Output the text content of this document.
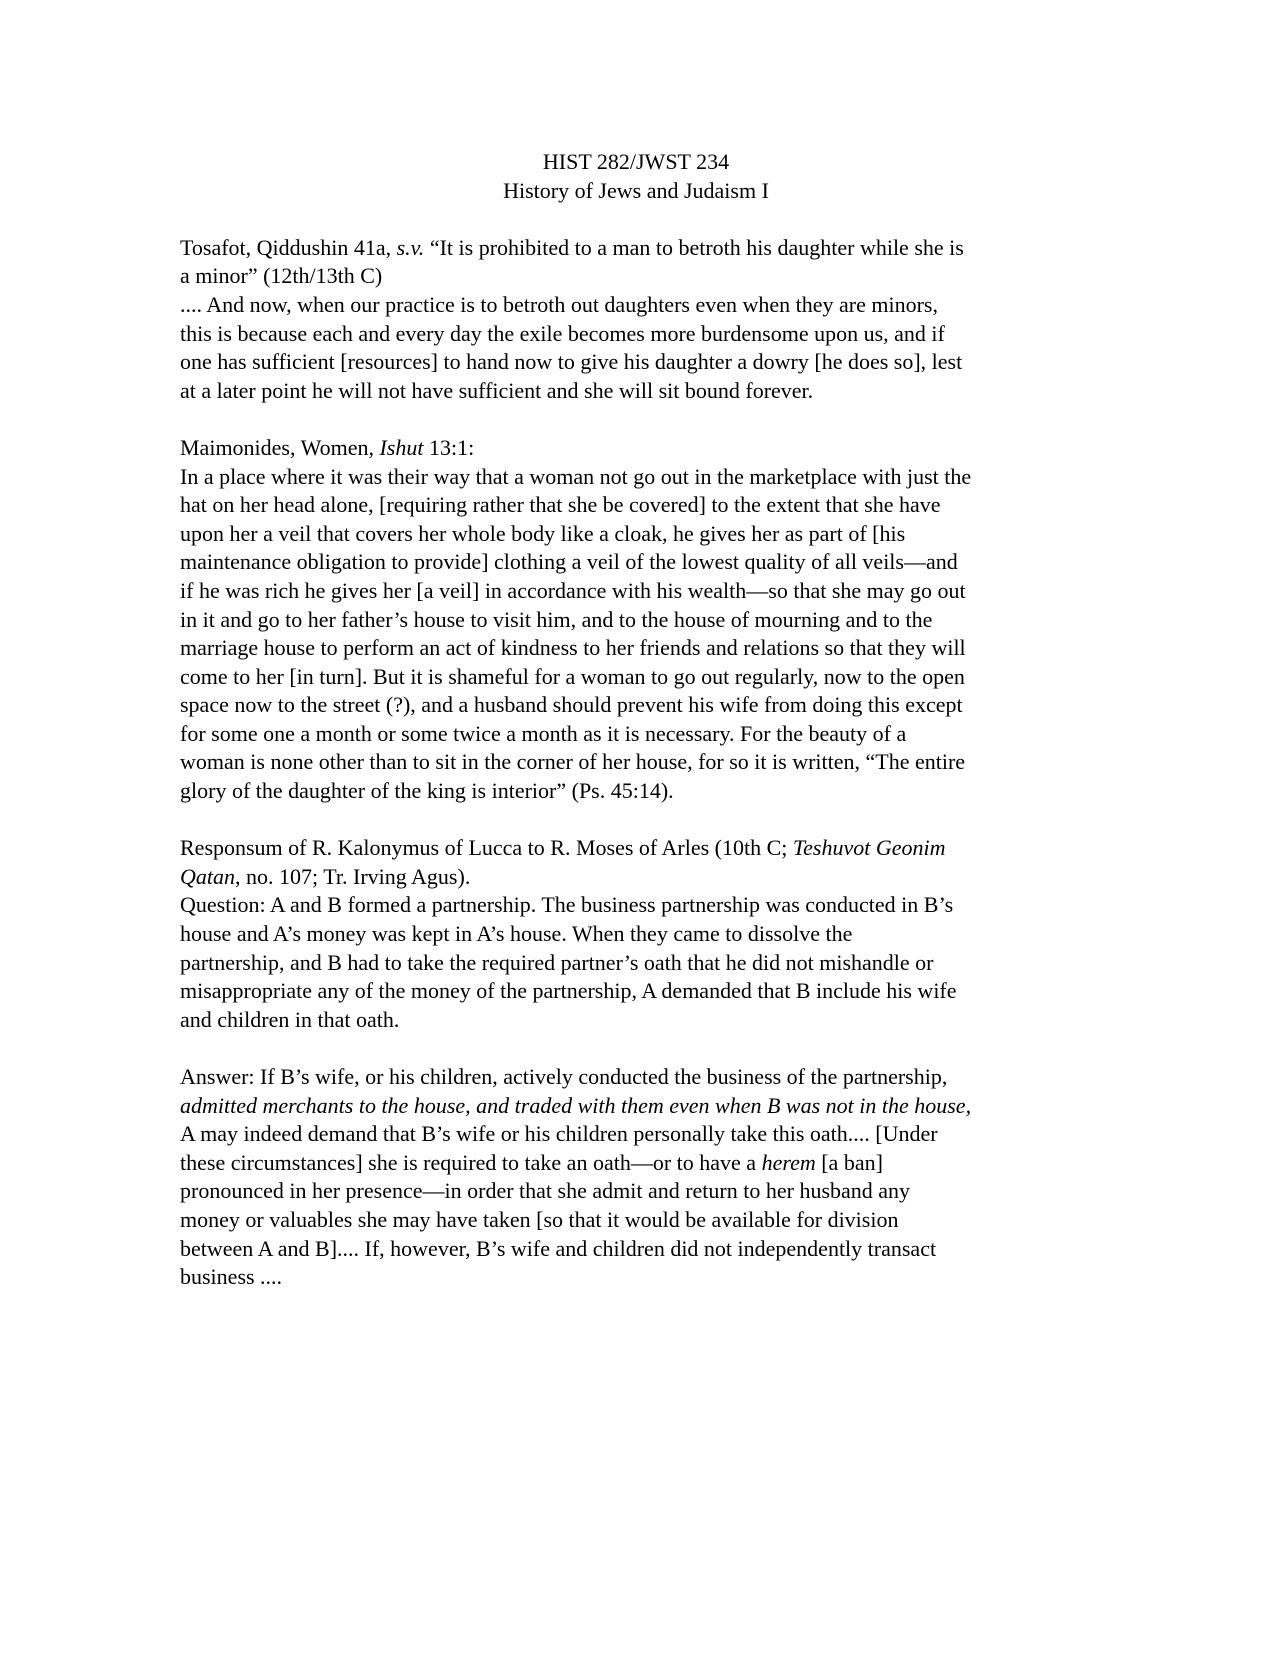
HIST 282/JWST 234
History of Jews and Judaism I
Tosafot, Qiddushin 41a, s.v. “It is prohibited to a man to betroth his daughter while she is
a minor” (12th/13th C)
.... And now, when our practice is to betroth out daughters even when they are minors,
this is because each and every day the exile becomes more burdensome upon us, and if
one has sufficient [resources] to hand now to give his daughter a dowry [he does so], lest
at a later point he will not have sufficient and she will sit bound forever.
Maimonides, Women, Ishut 13:1:
In a place where it was their way that a woman not go out in the marketplace with just the
hat on her head alone, [requiring rather that she be covered] to the extent that she have
upon her a veil that covers her whole body like a cloak, he gives her as part of [his
maintenance obligation to provide] clothing a veil of the lowest quality of all veils—and
if he was rich he gives her [a veil] in accordance with his wealth—so that she may go out
in it and go to her father’s house to visit him, and to the house of mourning and to the
marriage house to perform an act of kindness to her friends and relations so that they will
come to her [in turn]. But it is shameful for a woman to go out regularly, now to the open
space now to the street (?), and a husband should prevent his wife from doing this except
for some one a month or some twice a month as it is necessary. For the beauty of a
woman is none other than to sit in the corner of her house, for so it is written, “The entire
glory of the daughter of the king is interior” (Ps. 45:14).
Responsum of R. Kalonymus of Lucca to R. Moses of Arles (10th C; Teshuvot Geonim
Qatan, no. 107; Tr. Irving Agus).
Question: A and B formed a partnership. The business partnership was conducted in B’s
house and A’s money was kept in A’s house. When they came to dissolve the
partnership, and B had to take the required partner’s oath that he did not mishandle or
misappropriate any of the money of the partnership, A demanded that B include his wife
and children in that oath.
Answer: If B’s wife, or his children, actively conducted the business of the partnership,
admitted merchants to the house, and traded with them even when B was not in the house,
A may indeed demand that B’s wife or his children personally take this oath.... [Under
these circumstances] she is required to take an oath—or to have a herem [a ban]
pronounced in her presence—in order that she admit and return to her husband any
money or valuables she may have taken [so that it would be available for division
between A and B].... If, however, B’s wife and children did not independently transact
business ....
